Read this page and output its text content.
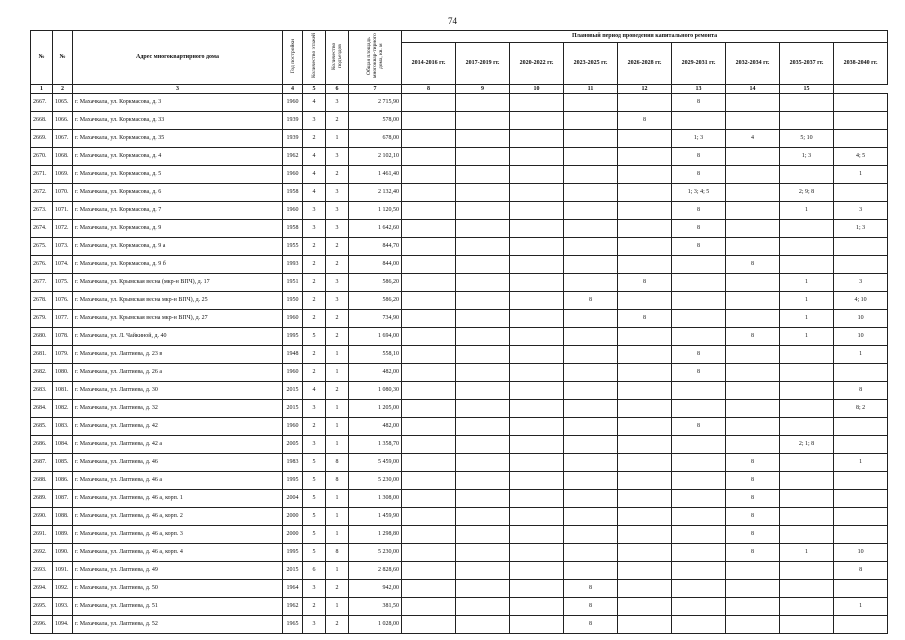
74
№	№	Адрес многоквартирного дома	Год постройки	Количество этажей	Количество подъездов	Общая площадь многоквар-тирного дома, кв. м	Плановый период проведения капитального ремонта								
							2014-2016 гг.	2017-2019 гг.	2020-2022 гг.	2023-2025 гг.	2026-2028 гг.	2029-2031 гг.	2032-2034 гг.	2035-2037 гг.	2038-2040 гг.
1	2	3	4	5	6	7	8	9	10	11	12	13	14	15	
2667.	1065.	г. Махачкала, ул. Коркмасова, д. 3	1960	4	3	2 715,90						8			
2668.	1066.	г. Махачкала, ул. Коркмасова, д. 33	1939	3	2	578,00					8				
2669.	1067.	г. Махачкала, ул. Коркмасова, д. 35	1939	2	1	678,00						1; 3	4	5; 10	
2670.	1068.	г. Махачкала, ул. Коркмасова, д. 4	1962	4	3	2 102,10						8		1; 3	4; 5
2671.	1069.	г. Махачкала, ул. Коркмасова, д. 5	1960	4	2	1 461,40						8			1
2672.	1070.	г. Махачкала, ул. Коркмасова, д. 6	1958	4	3	2 132,40						1; 3; 4; 5		2; 9; 8	
2673.	1071.	г. Махачкала, ул. Коркмасова, д. 7	1960	3	3	1 120,50						8		1	3
2674.	1072.	г. Махачкала, ул. Коркмасова, д. 9	1958	3	3	1 642,60						8			1; 3
2675.	1073.	г. Махачкала, ул. Коркмасова, д. 9 а	1955	2	2	844,70						8			
2676.	1074.	г. Махачкала, ул. Коркмасова, д. 9 б	1993	2	2	844,00							8		
2677.	1075.	г. Махачкала, ул. Крымская весна (мкр-н ВПЧ), д. 17	1951	2	3	586,20					8			1	3
2678.	1076.	г. Махачкала, ул. Крымская весна мкр-н ВПЧ), д. 25	1950	2	3	586,20				8				1	4; 10
2679.	1077.	г. Махачкала, ул. Крымская весна мкр-н ВПЧ), д. 27	1960	2	2	734,90					8			1	10
2680.	1078.	г. Махачкала, ул. Л. Чайкиной, д. 40	1995	5	2	1 694,00							8	1	10
2681.	1079.	г. Махачкала, ул. Лаптиева, д. 23 в	1948	2	1	558,10						8			1
2682.	1080.	г. Махачкала, ул. Лаптиева, д. 26 а	1960	2	1	482,00						8			
2683.	1081.	г. Махачкала, ул. Лаптиева, д. 30	2015	4	2	1 080,30									8
2684.	1082.	г. Махачкала, ул. Лаптиева, д. 32	2015	3	1	1 205,00									8; 2
2685.	1083.	г. Махачкала, ул. Лаптиева, д. 42	1960	2	1	482,00						8			
2686.	1084.	г. Махачкала, ул. Лаптиева, д. 42 а	2005	3	1	1 358,70								2; 1; 8	
2687.	1085.	г. Махачкала, ул. Лаптиева, д. 46	1983	5	8	5 459,00							8		1
2688.	1086.	г. Махачкала, ул. Лаптиева, д. 46 а	1995	5	8	5 230,00							8		
2689.	1087.	г. Махачкала, ул. Лаптиева, д. 46 а, корп. 1	2004	5	1	1 308,00							8		
2690.	1088.	г. Махачкала, ул. Лаптиева, д. 46 а, корп. 2	2000	5	1	1 459,90							8		
2691.	1089.	г. Махачкала, ул. Лаптиева, д. 46 а, корп. 3	2000	5	1	1 298,80							8		
2692.	1090.	г. Махачкала, ул. Лаптиева, д. 46 а, корп. 4	1995	5	8	5 230,00							8	1	10
2693.	1091.	г. Махачкала, ул. Лаптиева, д. 49	2015	6	1	2 828,60									8
2694.	1092.	г. Махачкала, ул. Лаптиева, д. 50	1964	3	2	942,00				8					
2695.	1093.	г. Махачкала, ул. Лаптиева, д. 51	1962	2	1	381,50				8					1
2696.	1094.	г. Махачкала, ул. Лаптиева, д. 52	1965	3	2	1 028,00				8					
